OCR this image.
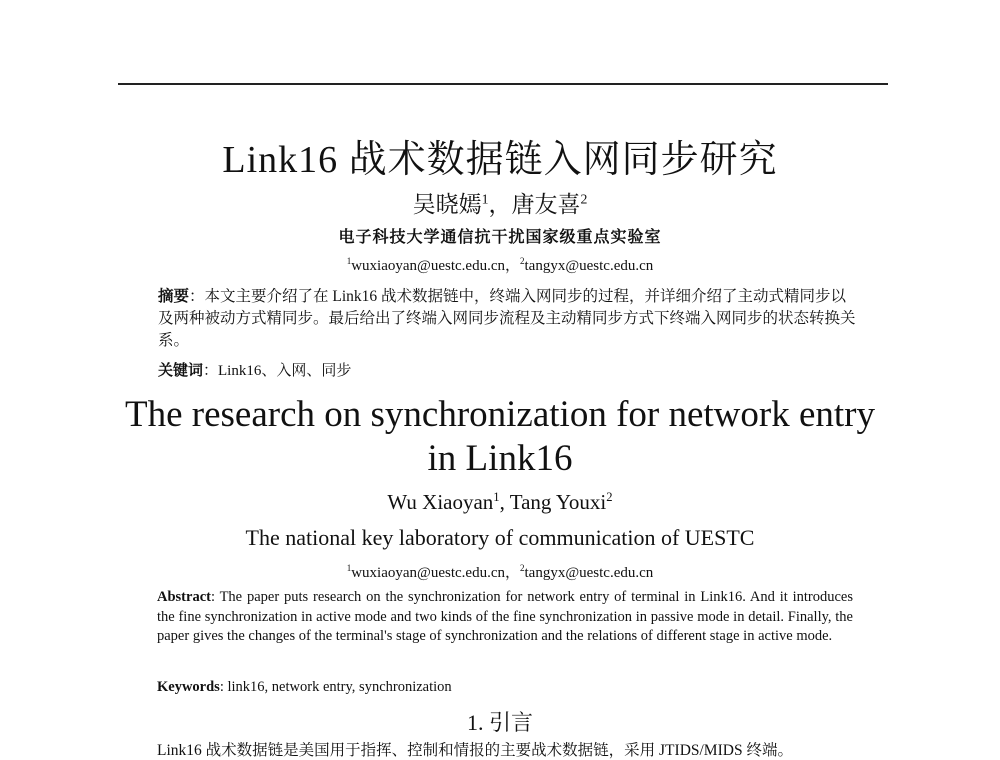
Link16 战术数据链入网同步研究
吴晓嫣$^1$，唐友喜$^2$
电子科技大学通信抗干扰国家级重点实验室
$^1$wuxiaoyan@uestc.edu.cn，$^2$tangyx@uestc.edu.cn
摘要：本文主要介绍了在 Link16 战术数据链中，终端入网同步的过程，并详细介绍了主动式精同步以及两种被动方式精同步。最后给出了终端入网同步流程及主动精同步方式下终端入网同步的状态转换关系。
关键词：Link16、入网、同步
The research on synchronization for network entry
in Link16
Wu Xiaoyan$^1$, Tang Youxi$^2$
The national key laboratory of communication of UESTC
$^1$wuxiaoyan@uestc.edu.cn，$^2$tangyx@uestc.edu.cn
Abstract: The paper puts research on the synchronization for network entry of terminal in Link16. And it introduces the fine synchronization in active mode and two kinds of the fine synchronization in passive mode in detail. Finally, the paper gives the changes of the terminal's stage of synchronization and the relations of different stage in active mode.
Keywords: link16, network entry, synchronization
1. 引言
Link16 战术数据链是美国用于指挥、控制和情报的主要战术数据链，采用 JTIDS/MIDS 终端。
